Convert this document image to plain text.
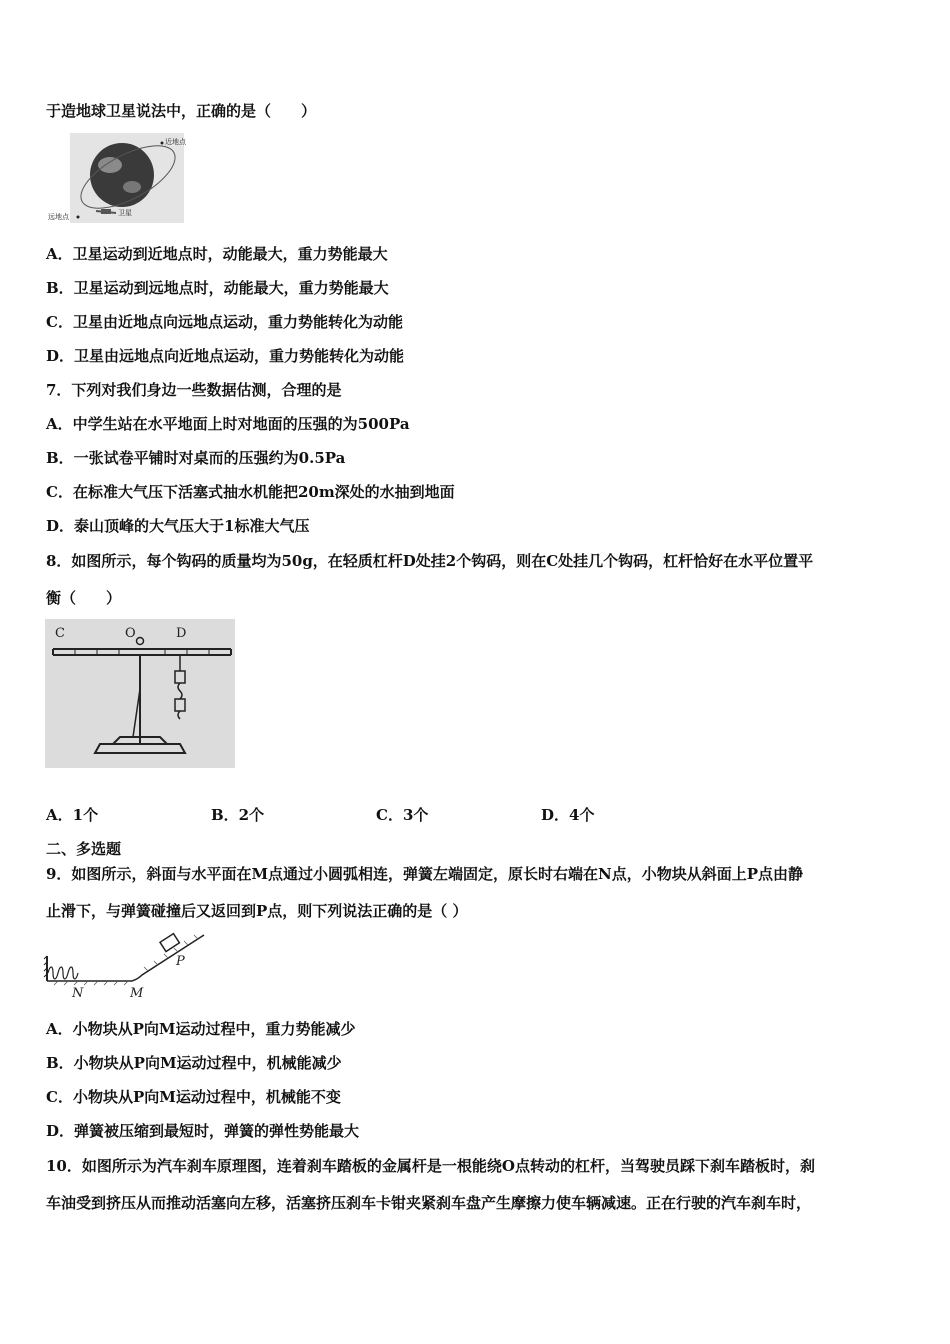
于造地球卫星说法中，正确的是（　　）
近地点
远地点	卫星
A．卫星运动到近地点时，动能最大，重力势能最大
B．卫星运动到远地点时，动能最大，重力势能最大
C．卫星由近地点向远地点运动，重力势能转化为动能
D．卫星由远地点向近地点运动，重力势能转化为动能
7．下列对我们身边一些数据估测，合理的是
A．中学生站在水平地面上时对地面的压强的为500Pa
B．一张试卷平铺时对桌而的压强约为0.5Pa
C．在标准大气压下活塞式抽水机能把20m深处的水抽到地面
D．泰山顶峰的大气压大于1标准大气压
8．如图所示，每个钩码的质量均为50g，在轻质杠杆D处挂2个钩码，则在C处挂几个钩码，杠杆恰好在水平位置平
衡（　　）
C	O	D
A．1个	B．2个	C．3个	D．4个
二、多选题
9．如图所示，斜面与水平面在M点通过小圆弧相连，弹簧左端固定，原长时右端在N点，小物块从斜面上P点由静
止滑下，与弹簧碰撞后又返回到P点，则下列说法正确的是（ ）
N	M
P
A．小物块从P向M运动过程中，重力势能减少
B．小物块从P向M运动过程中，机械能减少
C．小物块从P向M运动过程中，机械能不变
D．弹簧被压缩到最短时，弹簧的弹性势能最大
10．如图所示为汽车刹车原理图，连着刹车踏板的金属杆是一根能绕O点转动的杠杆，当驾驶员踩下刹车踏板时，刹
车油受到挤压从而推动活塞向左移，活塞挤压刹车卡钳夹紧刹车盘产生摩擦力使车辆减速。正在行驶的汽车刹车时，
